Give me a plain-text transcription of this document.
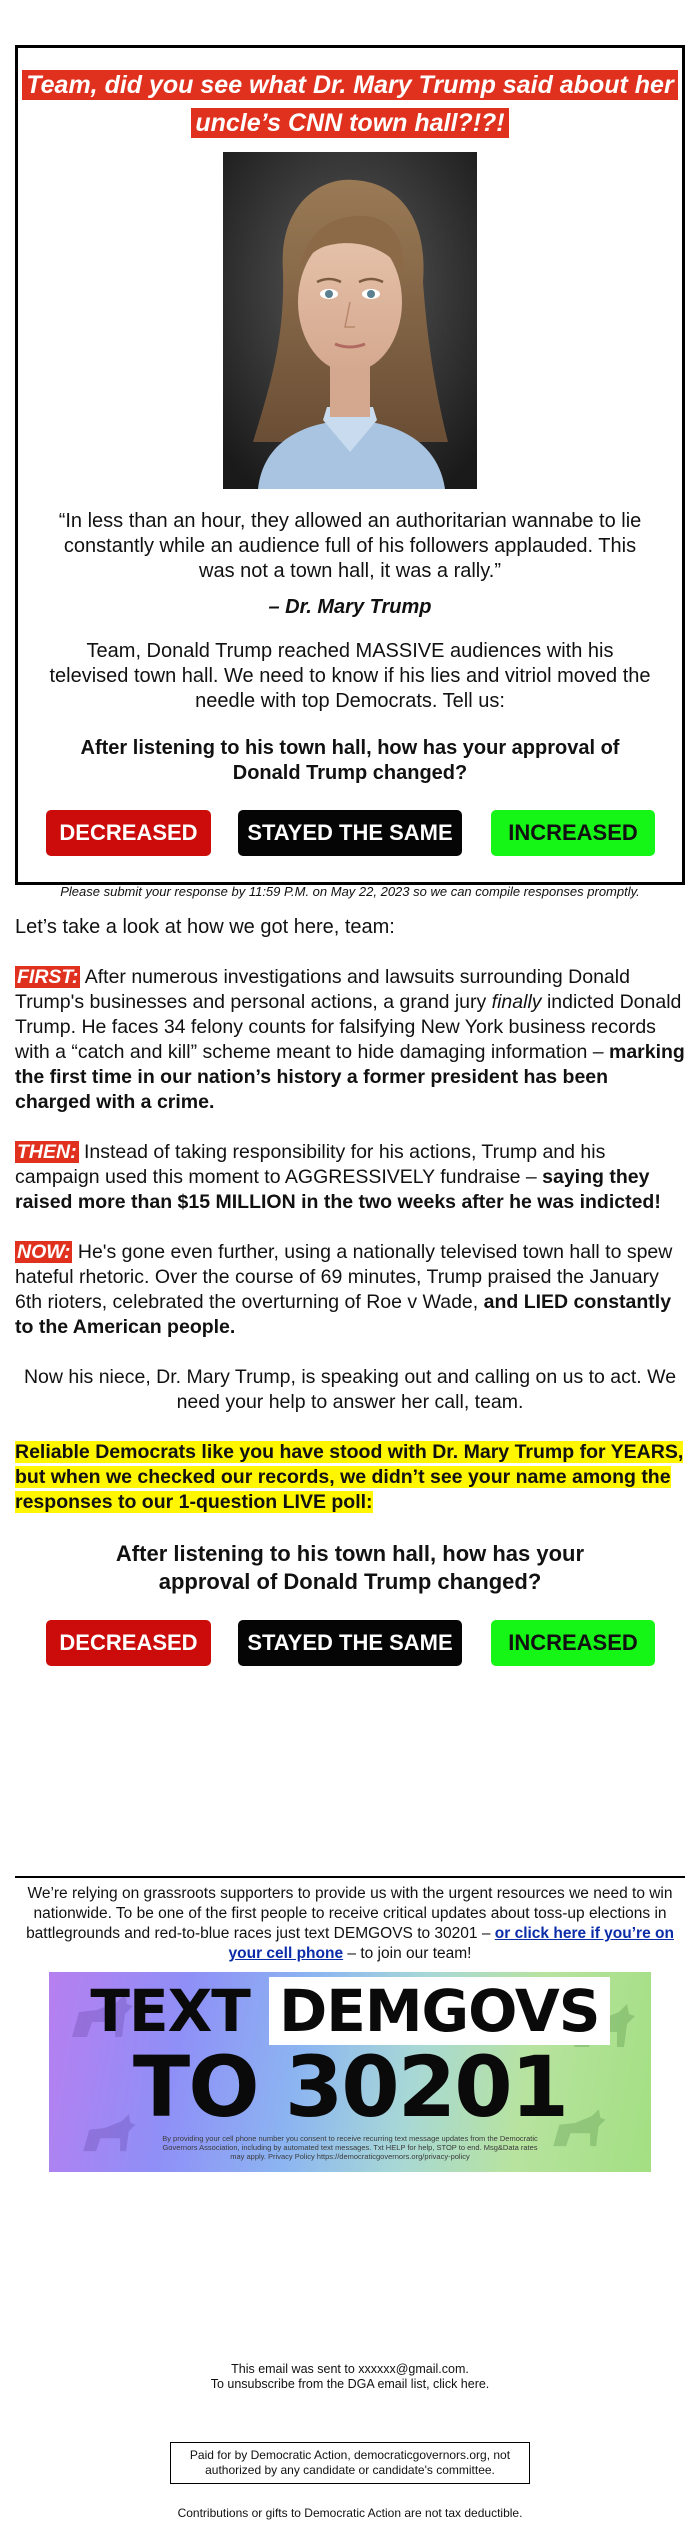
Team, did you see what Dr. Mary Trump said about her uncle’s CNN town hall?!?!

“In less than an hour, they allowed an authoritarian wannabe to lie constantly while an audience full of his followers applauded. This was not a town hall, it was a rally.”

– Dr. Mary Trump

Team, Donald Trump reached MASSIVE audiences with his televised town hall. We need to know if his lies and vitriol moved the needle with top Democrats. Tell us:

After listening to his town hall, how has your approval of Donald Trump changed?

DECREASED	STAYED THE SAME	INCREASED

Please submit your response by 11:59 P.M. on May 22, 2023 so we can compile responses promptly.

Let’s take a look at how we got here, team:

FIRST: After numerous investigations and lawsuits surrounding Donald Trump's businesses and personal actions, a grand jury finally indicted Donald Trump. He faces 34 felony counts for falsifying New York business records with a “catch and kill” scheme meant to hide damaging information – marking the first time in our nation’s history a former president has been charged with a crime.

THEN: Instead of taking responsibility for his actions, Trump and his campaign used this moment to AGGRESSIVELY fundraise – saying they raised more than $15 MILLION in the two weeks after he was indicted!

NOW: He's gone even further, using a nationally televised town hall to spew hateful rhetoric. Over the course of 69 minutes, Trump praised the January 6th rioters, celebrated the overturning of Roe v Wade, and LIED constantly to the American people.

Now his niece, Dr. Mary Trump, is speaking out and calling on us to act. We need your help to answer her call, team.

Reliable Democrats like you have stood with Dr. Mary Trump for YEARS, but when we checked our records, we didn’t see your name among the responses to our 1-question LIVE poll:

After listening to his town hall, how has your approval of Donald Trump changed?

DECREASED	STAYED THE SAME	INCREASED

We’re relying on grassroots supporters to provide us with the urgent resources we need to win nationwide. To be one of the first people to receive critical updates about toss-up elections in battlegrounds and red-to-blue races just text DEMGOVS to 30201 – or click here if you’re on your cell phone – to join our team!

TEXT DEMGOVS
TO 30201
By providing your cell phone number you consent to receive recurring text message updates from the Democratic Governors Association, including by automated text messages. Txt HELP for help, STOP to end. Msg&Data rates may apply. Privacy Policy https://democraticgovernors.org/privacy-policy

This email was sent to xxxxxx@gmail.com.

To unsubscribe from the DGA email list, click here.

Paid for by Democratic Action, democraticgovernors.org, not authorized by any candidate or candidate's committee.

Contributions or gifts to Democratic Action are not tax deductible.
